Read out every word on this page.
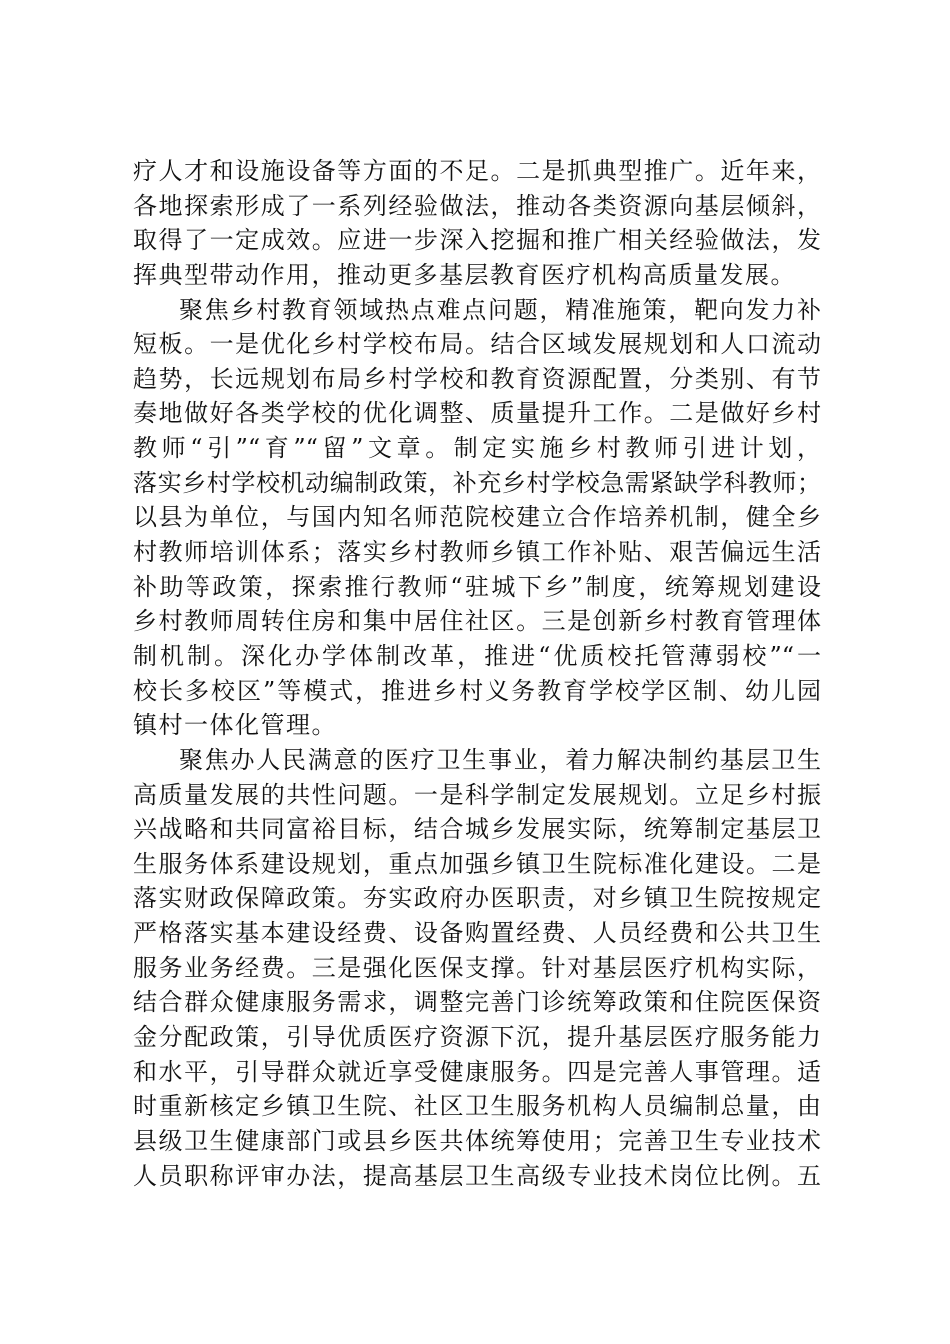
疗人才和设施设备等方面的不足。二是抓典型推广。近年来，
各地探索形成了一系列经验做法，推动各类资源向基层倾斜，
取得了一定成效。应进一步深入挖掘和推广相关经验做法，发
挥典型带动作用，推动更多基层教育医疗机构高质量发展。
聚焦乡村教育领域热点难点问题，精准施策，靶向发力补
短板。一是优化乡村学校布局。结合区域发展规划和人口流动
趋势，长远规划布局乡村学校和教育资源配置，分类别、有节
奏地做好各类学校的优化调整、质量提升工作。二是做好乡村
教师“引”“育”“留”文章。制定实施乡村教师引进计划，
落实乡村学校机动编制政策，补充乡村学校急需紧缺学科教师；
以县为单位，与国内知名师范院校建立合作培养机制，健全乡
村教师培训体系；落实乡村教师乡镇工作补贴、艰苦偏远生活
补助等政策，探索推行教师“驻城下乡”制度，统筹规划建设
乡村教师周转住房和集中居住社区。三是创新乡村教育管理体
制机制。深化办学体制改革，推进“优质校托管薄弱校”“一
校长多校区”等模式，推进乡村义务教育学校学区制、幼儿园
镇村一体化管理。
聚焦办人民满意的医疗卫生事业，着力解决制约基层卫生
高质量发展的共性问题。一是科学制定发展规划。立足乡村振
兴战略和共同富裕目标，结合城乡发展实际，统筹制定基层卫
生服务体系建设规划，重点加强乡镇卫生院标准化建设。二是
落实财政保障政策。夯实政府办医职责，对乡镇卫生院按规定
严格落实基本建设经费、设备购置经费、人员经费和公共卫生
服务业务经费。三是强化医保支撑。针对基层医疗机构实际，
结合群众健康服务需求，调整完善门诊统筹政策和住院医保资
金分配政策，引导优质医疗资源下沉，提升基层医疗服务能力
和水平，引导群众就近享受健康服务。四是完善人事管理。适
时重新核定乡镇卫生院、社区卫生服务机构人员编制总量，由
县级卫生健康部门或县乡医共体统筹使用；完善卫生专业技术
人员职称评审办法，提高基层卫生高级专业技术岗位比例。五
